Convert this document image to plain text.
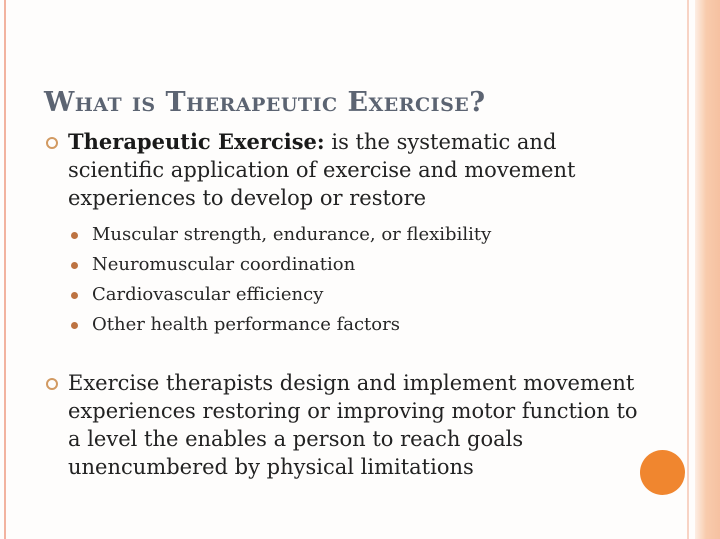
What is Therapeutic Exercise?

Therapeutic Exercise: is the systematic and scientific application of exercise and movement experiences to develop or restore

Muscular strength, endurance, or flexibility
Neuromuscular coordination
Cardiovascular efficiency
Other health performance factors

Exercise therapists design and implement movement experiences restoring or improving motor function to a level the enables a person to reach goals unencumbered by physical limitations
